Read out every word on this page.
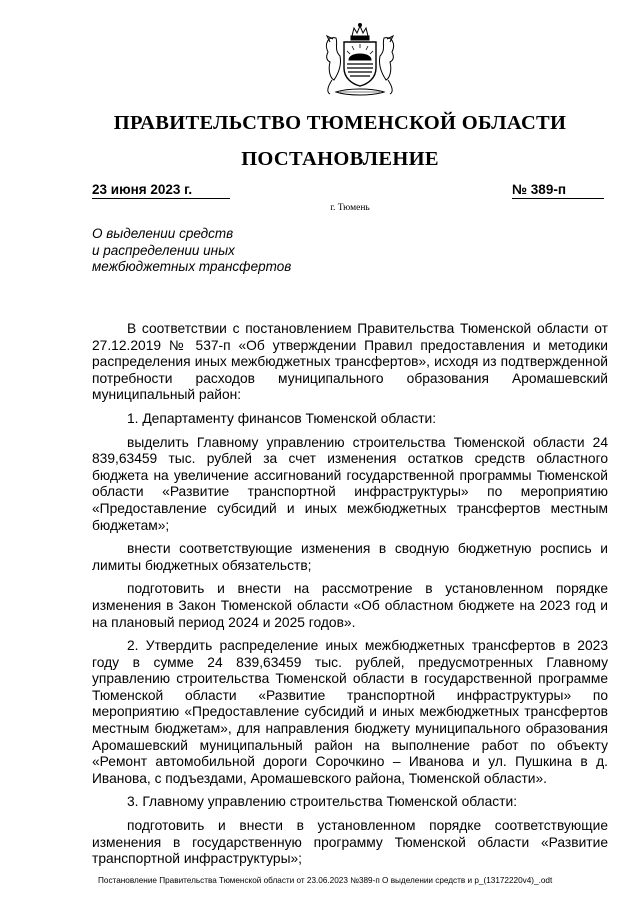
ПРАВИТЕЛЬСТВО ТЮМЕНСКОЙ ОБЛАСТИ
ПОСТАНОВЛЕНИЕ
23 июня 2023 г.	№ 389-п
г. Тюмень
О выделении средств
и распределении иных
межбюджетных трансфертов

В соответствии с постановлением Правительства Тюменской области от 27.12.2019 № 537-п «Об утверждении Правил предоставления и методики распределения иных межбюджетных трансфертов», исходя из подтвержденной потребности расходов муниципального образования Аромашевский муниципальный район:

1. Департаменту финансов Тюменской области:

выделить Главному управлению строительства Тюменской области 24 839,63459 тыс. рублей за счет изменения остатков средств областного бюджета на увеличение ассигнований государственной программы Тюменской области «Развитие транспортной инфраструктуры» по мероприятию «Предоставление субсидий и иных межбюджетных трансфертов местным бюджетам»;

внести соответствующие изменения в сводную бюджетную роспись и лимиты бюджетных обязательств;

подготовить и внести на рассмотрение в установленном порядке изменения в Закон Тюменской области «Об областном бюджете на 2023 год и на плановый период 2024 и 2025 годов».

2. Утвердить распределение иных межбюджетных трансфертов в 2023 году в сумме 24 839,63459 тыс. рублей, предусмотренных Главному управлению строительства Тюменской области в государственной программе Тюменской области «Развитие транспортной инфраструктуры» по мероприятию «Предоставление субсидий и иных межбюджетных трансфертов местным бюджетам», для направления бюджету муниципального образования Аромашевский муниципальный район на выполнение работ по объекту «Ремонт автомобильной дороги Сорочкино – Иванова и ул. Пушкина в д. Иванова, с подъездами, Аромашевского района, Тюменской области».

3. Главному управлению строительства Тюменской области:

подготовить и внести в установленном порядке соответствующие изменения в государственную программу Тюменской области «Развитие транспортной инфраструктуры»;

Постановление Правительства Тюменской области от 23.06.2023 №389-п О выделении средств и р_(13172220v4)_.odt
